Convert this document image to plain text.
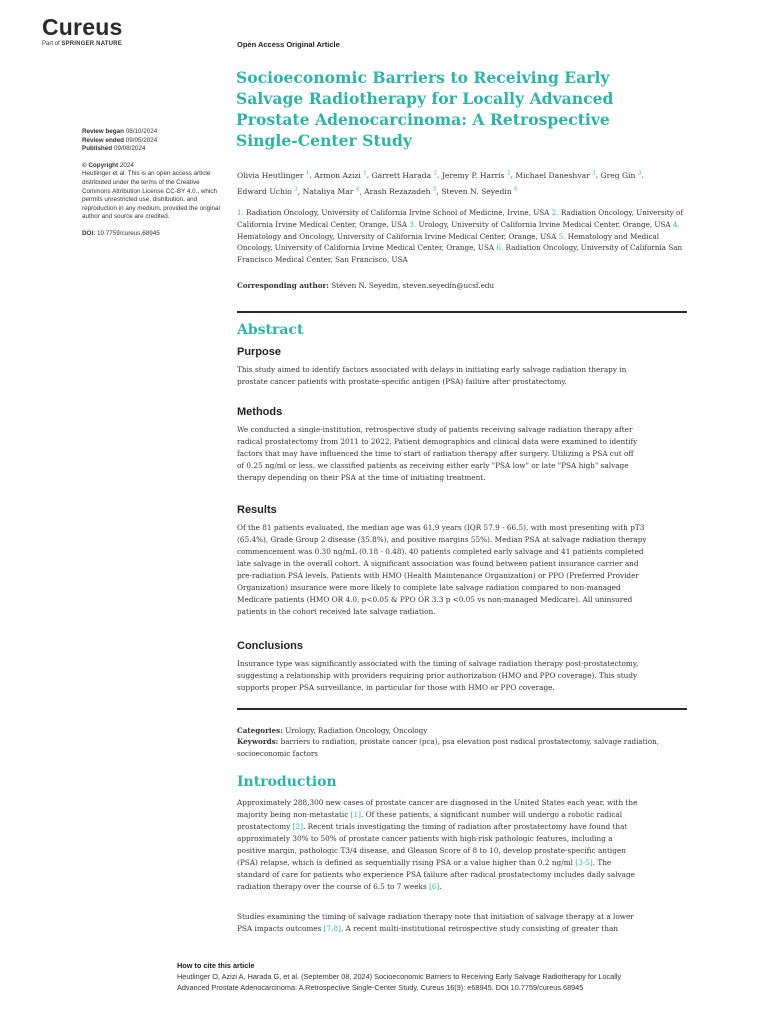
Cureus
Part of SPRINGER NATURE	Open Access Original Article
Socioeconomic Barriers to Receiving Early
Salvage Radiotherapy for Locally Advanced
Prostate Adenocarcinoma: A Retrospective
Single-Center Study
Review began 08/10/2024
Review ended 09/05/2024
Published 09/08/2024
© Copyright 2024
Heutlinger et al. This is an open access article distributed under the terms of the Creative Commons Attribution License CC-BY 4.0., which permits unrestricted use, distribution, and reproduction in any medium, provided the original author and source are credited.
DOI: 10.7759/cureus.68945
Olivia Heutlinger $^1$, Armon Azizi $^1$, Garrett Harada $^2$, Jeremy P. Harris $^2$, Michael Daneshvar $^3$, Greg Gin $^3$,
Edward Uchio $^3$, Nataliya Mar $^4$, Arash Rezazadeh $^5$, Steven N. Seyedin $^6$
1. Radiation Oncology, University of California Irvine School of Medicine, Irvine, USA 2. Radiation Oncology, University of California Irvine Medical Center, Orange, USA 3. Urology, University of California Irvine Medical Center, Orange, USA 4. Hematology and Oncology, University of California Irvine Medical Center, Orange, USA 5. Hematology and Medical Oncology, University of California Irvine Medical Center, Orange, USA 6. Radiation Oncology, University of California San Francisco Medical Center, San Francisco, USA
Corresponding author: Steven N. Seyedin, steven.seyedin@ucsf.edu
Abstract
Purpose
This study aimed to identify factors associated with delays in initiating early salvage radiation therapy in
prostate cancer patients with prostate-specific antigen (PSA) failure after prostatectomy.
Methods
We conducted a single-institution, retrospective study of patients receiving salvage radiation therapy after
radical prostatectomy from 2011 to 2022. Patient demographics and clinical data were examined to identify
factors that may have influenced the time to start of radiation therapy after surgery. Utilizing a PSA cut off
of 0.25 ng/ml or less, we classified patients as receiving either early "PSA low" or late "PSA high" salvage
therapy depending on their PSA at the time of initiating treatment.
Results
Of the 81 patients evaluated, the median age was 61.9 years (IQR 57.9 - 66.5), with most presenting with pT3
(65.4%), Grade Group 2 disease (35.8%), and positive margins 55%). Median PSA at salvage radiation therapy
commencement was 0.30 ng/mL (0.18 - 0.48). 40 patients completed early salvage and 41 patients completed
late salvage in the overall cohort. A significant association was found between patient insurance carrier and
pre-radiation PSA levels. Patients with HMO (Health Maintenance Organization) or PPO (Preferred Provider
Organization) insurance were more likely to complete late salvage radiation compared to non-managed
Medicare patients (HMO OR 4.0, p<0.05 & PPO OR 3.3 p <0.05 vs non-managed Medicare). All uninsured
patients in the cohort received late salvage radiation.
Conclusions
Insurance type was significantly associated with the timing of salvage radiation therapy post-prostatectomy,
suggesting a relationship with providers requiring prior authorization (HMO and PPO coverage). This study
supports proper PSA surveillance, in particular for those with HMO or PPO coverage.
Categories: Urology, Radiation Oncology, Oncology
Keywords: barriers to radiation, prostate cancer (pca), psa elevation post radical prostatectomy, salvage radiation,
socioeconomic factors
Introduction
Approximately 288,300 new cases of prostate cancer are diagnosed in the United States each year, with the
majority being non-metastatic [1]. Of these patients, a significant number will undergo a robotic radical
prostatectomy [2]. Recent trials investigating the timing of radiation after prostatectomy have found that
approximately 30% to 50% of prostate cancer patients with high-risk pathologic features, including a
positive margin, pathologic T3/4 disease, and Gleason Score of 8 to 10, develop prostate-specific antigen
(PSA) relapse, which is defined as sequentially rising PSA or a value higher than 0.2 ng/ml [3-5]. The
standard of care for patients who experience PSA failure after radical prostatectomy includes daily salvage
radiation therapy over the course of 6.5 to 7 weeks [6].
Studies examining the timing of salvage radiation therapy note that initiation of salvage therapy at a lower
PSA impacts outcomes [7,8]. A recent multi-institutional retrospective study consisting of greater than
How to cite this article
Heutlinger O, Azizi A, Harada G, et al. (September 08, 2024) Socioeconomic Barriers to Receiving Early Salvage Radiotherapy for Locally
Advanced Prostate Adenocarcinoma: A Retrospective Single-Center Study. Cureus 16(9): e68945. DOI 10.7759/cureus.68945
